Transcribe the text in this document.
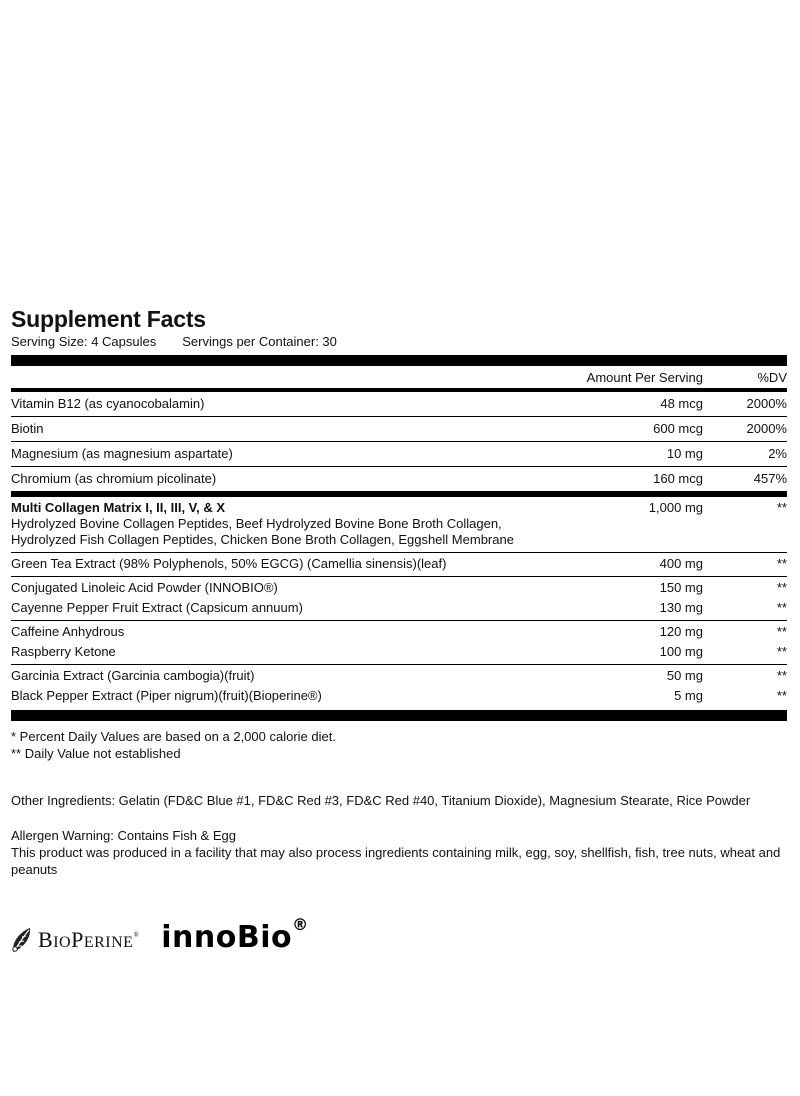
Supplement Facts
Serving Size: 4 Capsules Servings per Container: 30
Amount Per Serving	%DV
Vitamin B12 (as cyanocobalamin)	48 mcg	2000%
Biotin	600 mcg	2000%
Magnesium (as magnesium aspartate)	10 mg	2%
Chromium (as chromium picolinate)	160 mcg	457%
Multi Collagen Matrix I, II, III, V, & X	1,000 mg	**
Hydrolyzed Bovine Collagen Peptides, Beef Hydrolyzed Bovine Bone Broth Collagen,
Hydrolyzed Fish Collagen Peptides, Chicken Bone Broth Collagen, Eggshell Membrane
Green Tea Extract (98% Polyphenols, 50% EGCG) (Camellia sinensis)(leaf)	400 mg	**
Conjugated Linoleic Acid Powder (INNOBIO®)	150 mg	**
Cayenne Pepper Fruit Extract (Capsicum annuum)	130 mg	**
Caffeine Anhydrous	120 mg	**
Raspberry Ketone	100 mg	**
Garcinia Extract (Garcinia cambogia)(fruit)	50 mg	**
Black Pepper Extract (Piper nigrum)(fruit)(Bioperine®)	5 mg	**
* Percent Daily Values are based on a 2,000 calorie diet.
** Daily Value not established
Other Ingredients: Gelatin (FD&C Blue #1, FD&C Red #3, FD&C Red #40, Titanium Dioxide), Magnesium Stearate, Rice Powder
Allergen Warning: Contains Fish & Egg
This product was produced in a facility that may also process ingredients containing milk, egg, soy, shellfish, fish, tree nuts, wheat and peanuts
BIOPERINE® innoBio®
